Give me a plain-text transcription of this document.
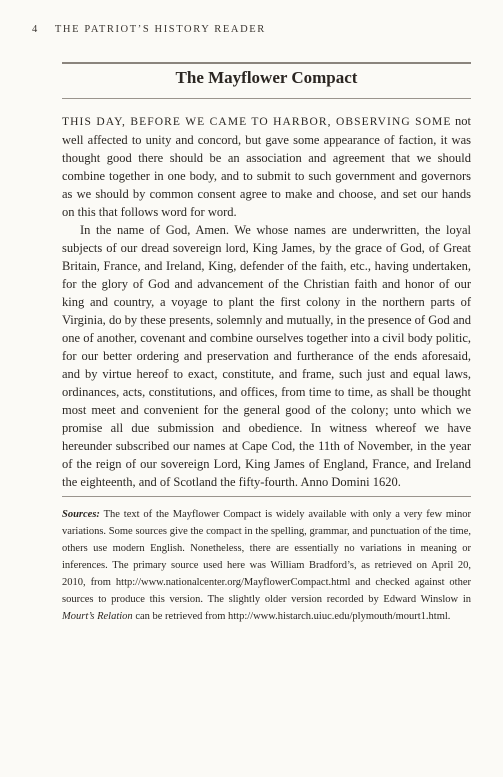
4 THE PATRIOT’S HISTORY READER
The Mayflower Compact

THIS DAY, BEFORE WE CAME TO HARBOR, OBSERVING SOME not well affected to unity and concord, but gave some appearance of faction, it was thought good there should be an association and agreement that we should combine together in one body, and to submit to such government and governors as we should by common consent agree to make and choose, and set our hands on this that follows word for word.

In the name of God, Amen. We whose names are underwritten, the loyal subjects of our dread sovereign lord, King James, by the grace of God, of Great Britain, France, and Ireland, King, defender of the faith, etc., having undertaken, for the glory of God and advancement of the Christian faith and honor of our king and country, a voyage to plant the first colony in the northern parts of Virginia, do by these presents, solemnly and mutually, in the presence of God and one of another, covenant and combine ourselves together into a civil body politic, for our better ordering and preservation and furtherance of the ends aforesaid, and by virtue hereof to exact, constitute, and frame, such just and equal laws, ordinances, acts, constitutions, and offices, from time to time, as shall be thought most meet and convenient for the general good of the colony; unto which we promise all due submission and obedience. In witness whereof we have hereunder subscribed our names at Cape Cod, the 11th of November, in the year of the reign of our sovereign Lord, King James of England, France, and Ireland the eighteenth, and of Scotland the fifty-fourth. Anno Domini 1620.

Sources: The text of the Mayflower Compact is widely available with only a very few minor variations. Some sources give the compact in the spelling, grammar, and punctuation of the time, others use modern English. Nonetheless, there are essentially no variations in meaning or inferences. The primary source used here was William Bradford’s, as retrieved on April 20, 2010, from http://www.nationalcenter.org/MayflowerCompact.html and checked against other sources to produce this version. The slightly older version recorded by Edward Winslow in Mourt’s Relation can be retrieved from http://www.histarch.uiuc.edu/plymouth/mourt1.html.
